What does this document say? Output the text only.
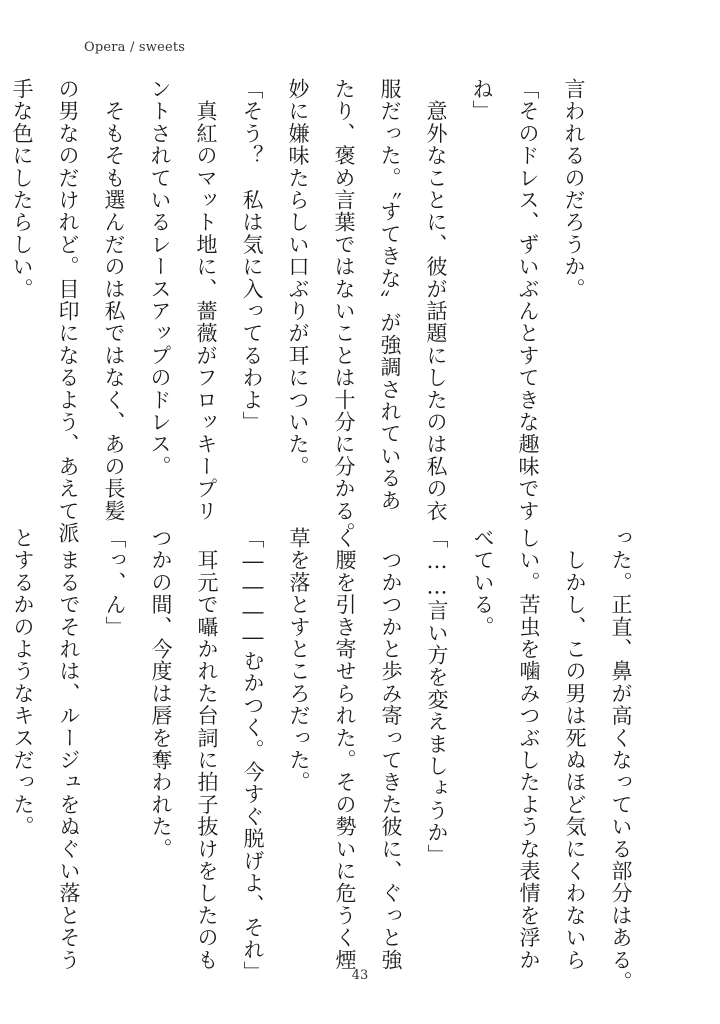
Opera / sweets
言われるのだろうか。
「そのドレス、ずいぶんとすてきな趣味です
ね」
　意外なことに、彼が話題にしたのは私の衣
服だった。〝すてきな〟が強調されているあ
たり、褒め言葉ではないことは十分に分かる。
妙に嫌味たらしい口ぶりが耳についた。
「そう？　私は気に入ってるわよ」
　真紅のマット地に、薔薇がフロッキープリ
ントされているレースアップのドレス。
　そもそも選んだのは私ではなく、あの長髪
の男なのだけれど。目印になるよう、あえて派
手な色にしたらしい。
った。正直、鼻が高くなっている部分はある。
　しかし、この男は死ぬほど気にくわないら
しい。苦虫を噛みつぶしたような表情を浮か
べている。
「……言い方を変えましょうか」
　つかつかと歩み寄ってきた彼に、ぐっと強
く腰を引き寄せられた。その勢いに危うく煙
草を落とすところだった。
「――――むかつく。今すぐ脱げよ、それ」
　耳元で囁かれた台詞に拍子抜けをしたのも
つかの間、今度は唇を奪われた。
「っ、ん」
　まるでそれは、ルージュをぬぐい落とそう
とするかのようなキスだった。
43
